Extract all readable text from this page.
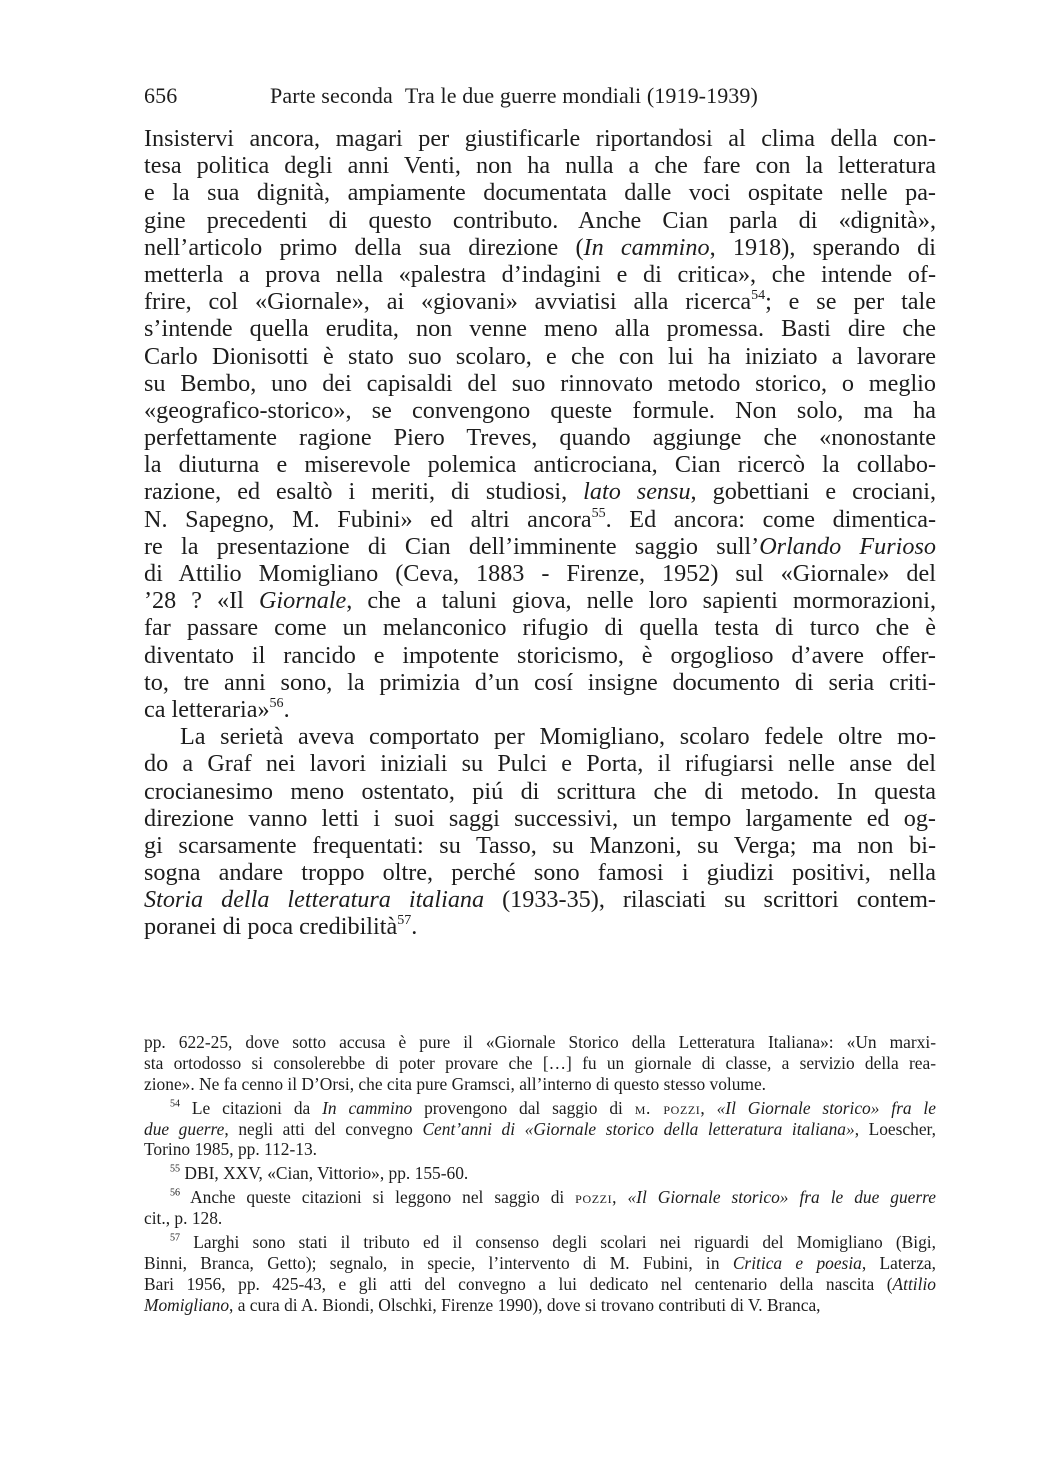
656	Parte seconda Tra le due guerre mondiali (1919-1939)
Insistervi ancora, magari per giustificarle riportandosi al clima della con-
tesa politica degli anni Venti, non ha nulla a che fare con la letteratura
e la sua dignità, ampiamente documentata dalle voci ospitate nelle pa-
gine precedenti di questo contributo. Anche Cian parla di «dignità»,
nell’articolo primo della sua direzione (In cammino, 1918), sperando di
metterla a prova nella «palestra d’indagini e di critica», che intende of-
frire, col «Giornale», ai «giovani» avviatisi alla ricerca$^{54}$; e se per tale
s’intende quella erudita, non venne meno alla promessa. Basti dire che
Carlo Dionisotti è stato suo scolaro, e che con lui ha iniziato a lavorare
su Bembo, uno dei capisaldi del suo rinnovato metodo storico, o meglio
«geografico-storico», se convengono queste formule. Non solo, ma ha
perfettamente ragione Piero Treves, quando aggiunge che «nonostante
la diuturna e miserevole polemica anticrociana, Cian ricercò la collabo-
razione, ed esaltò i meriti, di studiosi, lato sensu, gobettiani e crociani,
N. Sapegno, M. Fubini» ed altri ancora$^{55}$. Ed ancora: come dimentica-
re la presentazione di Cian dell’imminente saggio sull’Orlando Furioso
di Attilio Momigliano (Ceva, 1883 - Firenze, 1952) sul «Giornale» del
’28 ? «Il Giornale, che a taluni giova, nelle loro sapienti mormorazioni,
far passare come un melanconico rifugio di quella testa di turco che è
diventato il rancido e impotente storicismo, è orgoglioso d’avere offer-
to, tre anni sono, la primizia d’un cosí insigne documento di seria criti-
ca letteraria»$^{56}$.
La serietà aveva comportato per Momigliano, scolaro fedele oltre mo-
do a Graf nei lavori iniziali su Pulci e Porta, il rifugiarsi nelle anse del
crocianesimo meno ostentato, piú di scrittura che di metodo. In questa
direzione vanno letti i suoi saggi successivi, un tempo largamente ed og-
gi scarsamente frequentati: su Tasso, su Manzoni, su Verga; ma non bi-
sogna andare troppo oltre, perché sono famosi i giudizi positivi, nella
Storia della letteratura italiana (1933-35), rilasciati su scrittori contem-
poranei di poca credibilità$^{57}$.
pp. 622-25, dove sotto accusa è pure il «Giornale Storico della Letteratura Italiana»: «Un marxi-
sta ortodosso si consolerebbe di poter provare che […] fu un giornale di classe, a servizio della rea-
zione». Ne fa cenno il D’Orsi, che cita pure Gramsci, all’interno di questo stesso volume.
$^{54}$ Le citazioni da In cammino provengono dal saggio di m. pozzi, «Il Giornale storico» fra le
due guerre, negli atti del convegno Cent’anni di «Giornale storico della letteratura italiana», Loescher,
Torino 1985, pp. 112-13.
$^{55}$ DBI, XXV, «Cian, Vittorio», pp. 155-60.
$^{56}$ Anche queste citazioni si leggono nel saggio di pozzi, «Il Giornale storico» fra le due guerre
cit., p. 128.
$^{57}$ Larghi sono stati il tributo ed il consenso degli scolari nei riguardi del Momigliano (Bigi,
Binni, Branca, Getto); segnalo, in specie, l’intervento di M. Fubini, in Critica e poesia, Laterza,
Bari 1956, pp. 425-43, e gli atti del convegno a lui dedicato nel centenario della nascita (Attilio
Momigliano, a cura di A. Biondi, Olschki, Firenze 1990), dove si trovano contributi di V. Branca,
